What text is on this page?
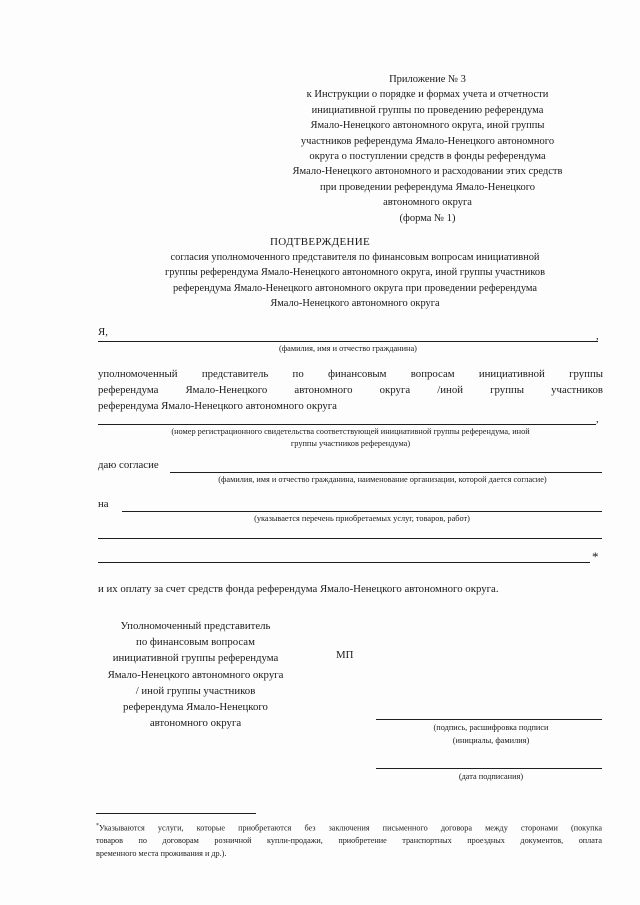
Приложение № 3
к Инструкции о порядке и формах учета и отчетности
инициативной группы по проведению референдума
Ямало-Ненецкого автономного округа, иной группы
участников референдума Ямало-Ненецкого автономного
округа о поступлении средств в фонды референдума
Ямало-Ненецкого автономного и расходовании этих средств
при проведении референдума Ямало-Ненецкого
автономного округа
(форма № 1)
ПОДТВЕРЖДЕНИЕ
согласия уполномоченного представителя по финансовым вопросам инициативной
группы референдума Ямало-Ненецкого автономного округа, иной группы участников
референдума Ямало-Ненецкого автономного округа при проведении референдума
Ямало-Ненецкого автономного округа
Я,	,
(фамилия, имя и отчество гражданина)
уполномоченный представитель по финансовым вопросам инициативной группы
референдума Ямало-Ненецкого автономного округа /иной группы участников
референдума Ямало-Ненецкого автономного округа
,
(номер регистрационного свидетельства соответствующей инициативной группы референдума, иной
группы участников референдума)
даю согласие
(фамилия, имя и отчество гражданина, наименование организации, которой дается согласие)
на
(указывается перечень приобретаемых услуг, товаров, работ)
*
и их оплату за счет средств фонда референдума Ямало-Ненецкого автономного округа.
Уполномоченный представитель
по финансовым вопросам
инициативной группы референдума
Ямало-Ненецкого автономного округа
/ иной группы участников
референдума Ямало-Ненецкого
автономного округа
МП
(подпись, расшифровка подписи
(инициалы, фамилия)
(дата подписания)
*Указываются услуги, которые приобретаются без заключения письменного договора между сторонами (покупка
товаров по договорам розничной купли-продажи, приобретение транспортных проездных документов, оплата
временного места проживания и др.).
